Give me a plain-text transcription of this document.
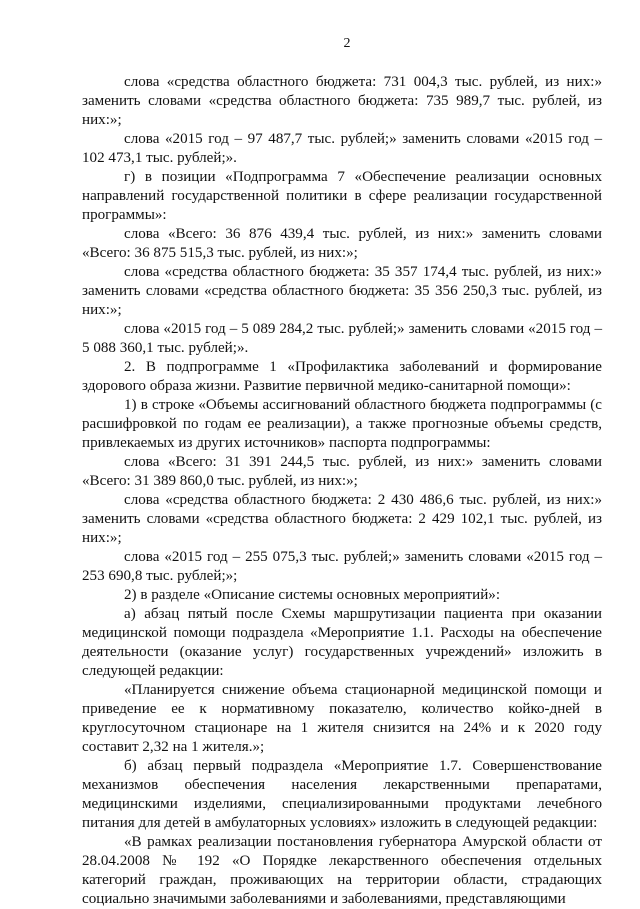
2

слова «средства областного бюджета: 731 004,3 тыс. рублей, из них:» заменить словами «средства областного бюджета: 735 989,7 тыс. рублей, из них:»;

слова «2015 год – 97 487,7 тыс. рублей;» заменить словами «2015 год – 102 473,1 тыс. рублей;».

г) в позиции «Подпрограмма 7 «Обеспечение реализации основных направлений государственной политики в сфере реализации государственной программы»:

слова «Всего: 36 876 439,4 тыс. рублей, из них:» заменить словами «Всего: 36 875 515,3 тыс. рублей, из них:»;

слова «средства областного бюджета: 35 357 174,4 тыс. рублей, из них:» заменить словами «средства областного бюджета: 35 356 250,3 тыс. рублей, из них:»;

слова «2015 год – 5 089 284,2 тыс. рублей;» заменить словами «2015 год – 5 088 360,1 тыс. рублей;».

2. В подпрограмме 1 «Профилактика заболеваний и формирование здорового образа жизни. Развитие первичной медико-санитарной помощи»:

1) в строке «Объемы ассигнований областного бюджета подпрограммы (с расшифровкой по годам ее реализации), а также прогнозные объемы средств, привлекаемых из других источников» паспорта подпрограммы:

слова «Всего: 31 391 244,5 тыс. рублей, из них:» заменить словами «Всего: 31 389 860,0 тыс. рублей, из них:»;

слова «средства областного бюджета: 2 430 486,6 тыс. рублей, из них:» заменить словами «средства областного бюджета: 2 429 102,1 тыс. рублей, из них:»;

слова «2015 год – 255 075,3 тыс. рублей;» заменить словами «2015 год – 253 690,8 тыс. рублей;»;

2) в разделе «Описание системы основных мероприятий»:

а) абзац пятый после Схемы маршрутизации пациента при оказании медицинской помощи подраздела «Мероприятие 1.1. Расходы на обеспечение деятельности (оказание услуг) государственных учреждений» изложить в следующей редакции:

«Планируется снижение объема стационарной медицинской помощи и приведение ее к нормативному показателю, количество койко-дней в круглосуточном стационаре на 1 жителя снизится на 24% и к 2020 году составит 2,32 на 1 жителя.»;

б) абзац первый подраздела «Мероприятие 1.7. Совершенствование механизмов обеспечения населения лекарственными препаратами, медицинскими изделиями, специализированными продуктами лечебного питания для детей в амбулаторных условиях» изложить в следующей редакции:

«В рамках реализации постановления губернатора Амурской области от 28.04.2008 № 192 «О Порядке лекарственного обеспечения отдельных категорий граждан, проживающих на территории области, страдающих социально значимыми заболеваниями и заболеваниями, представляющими
